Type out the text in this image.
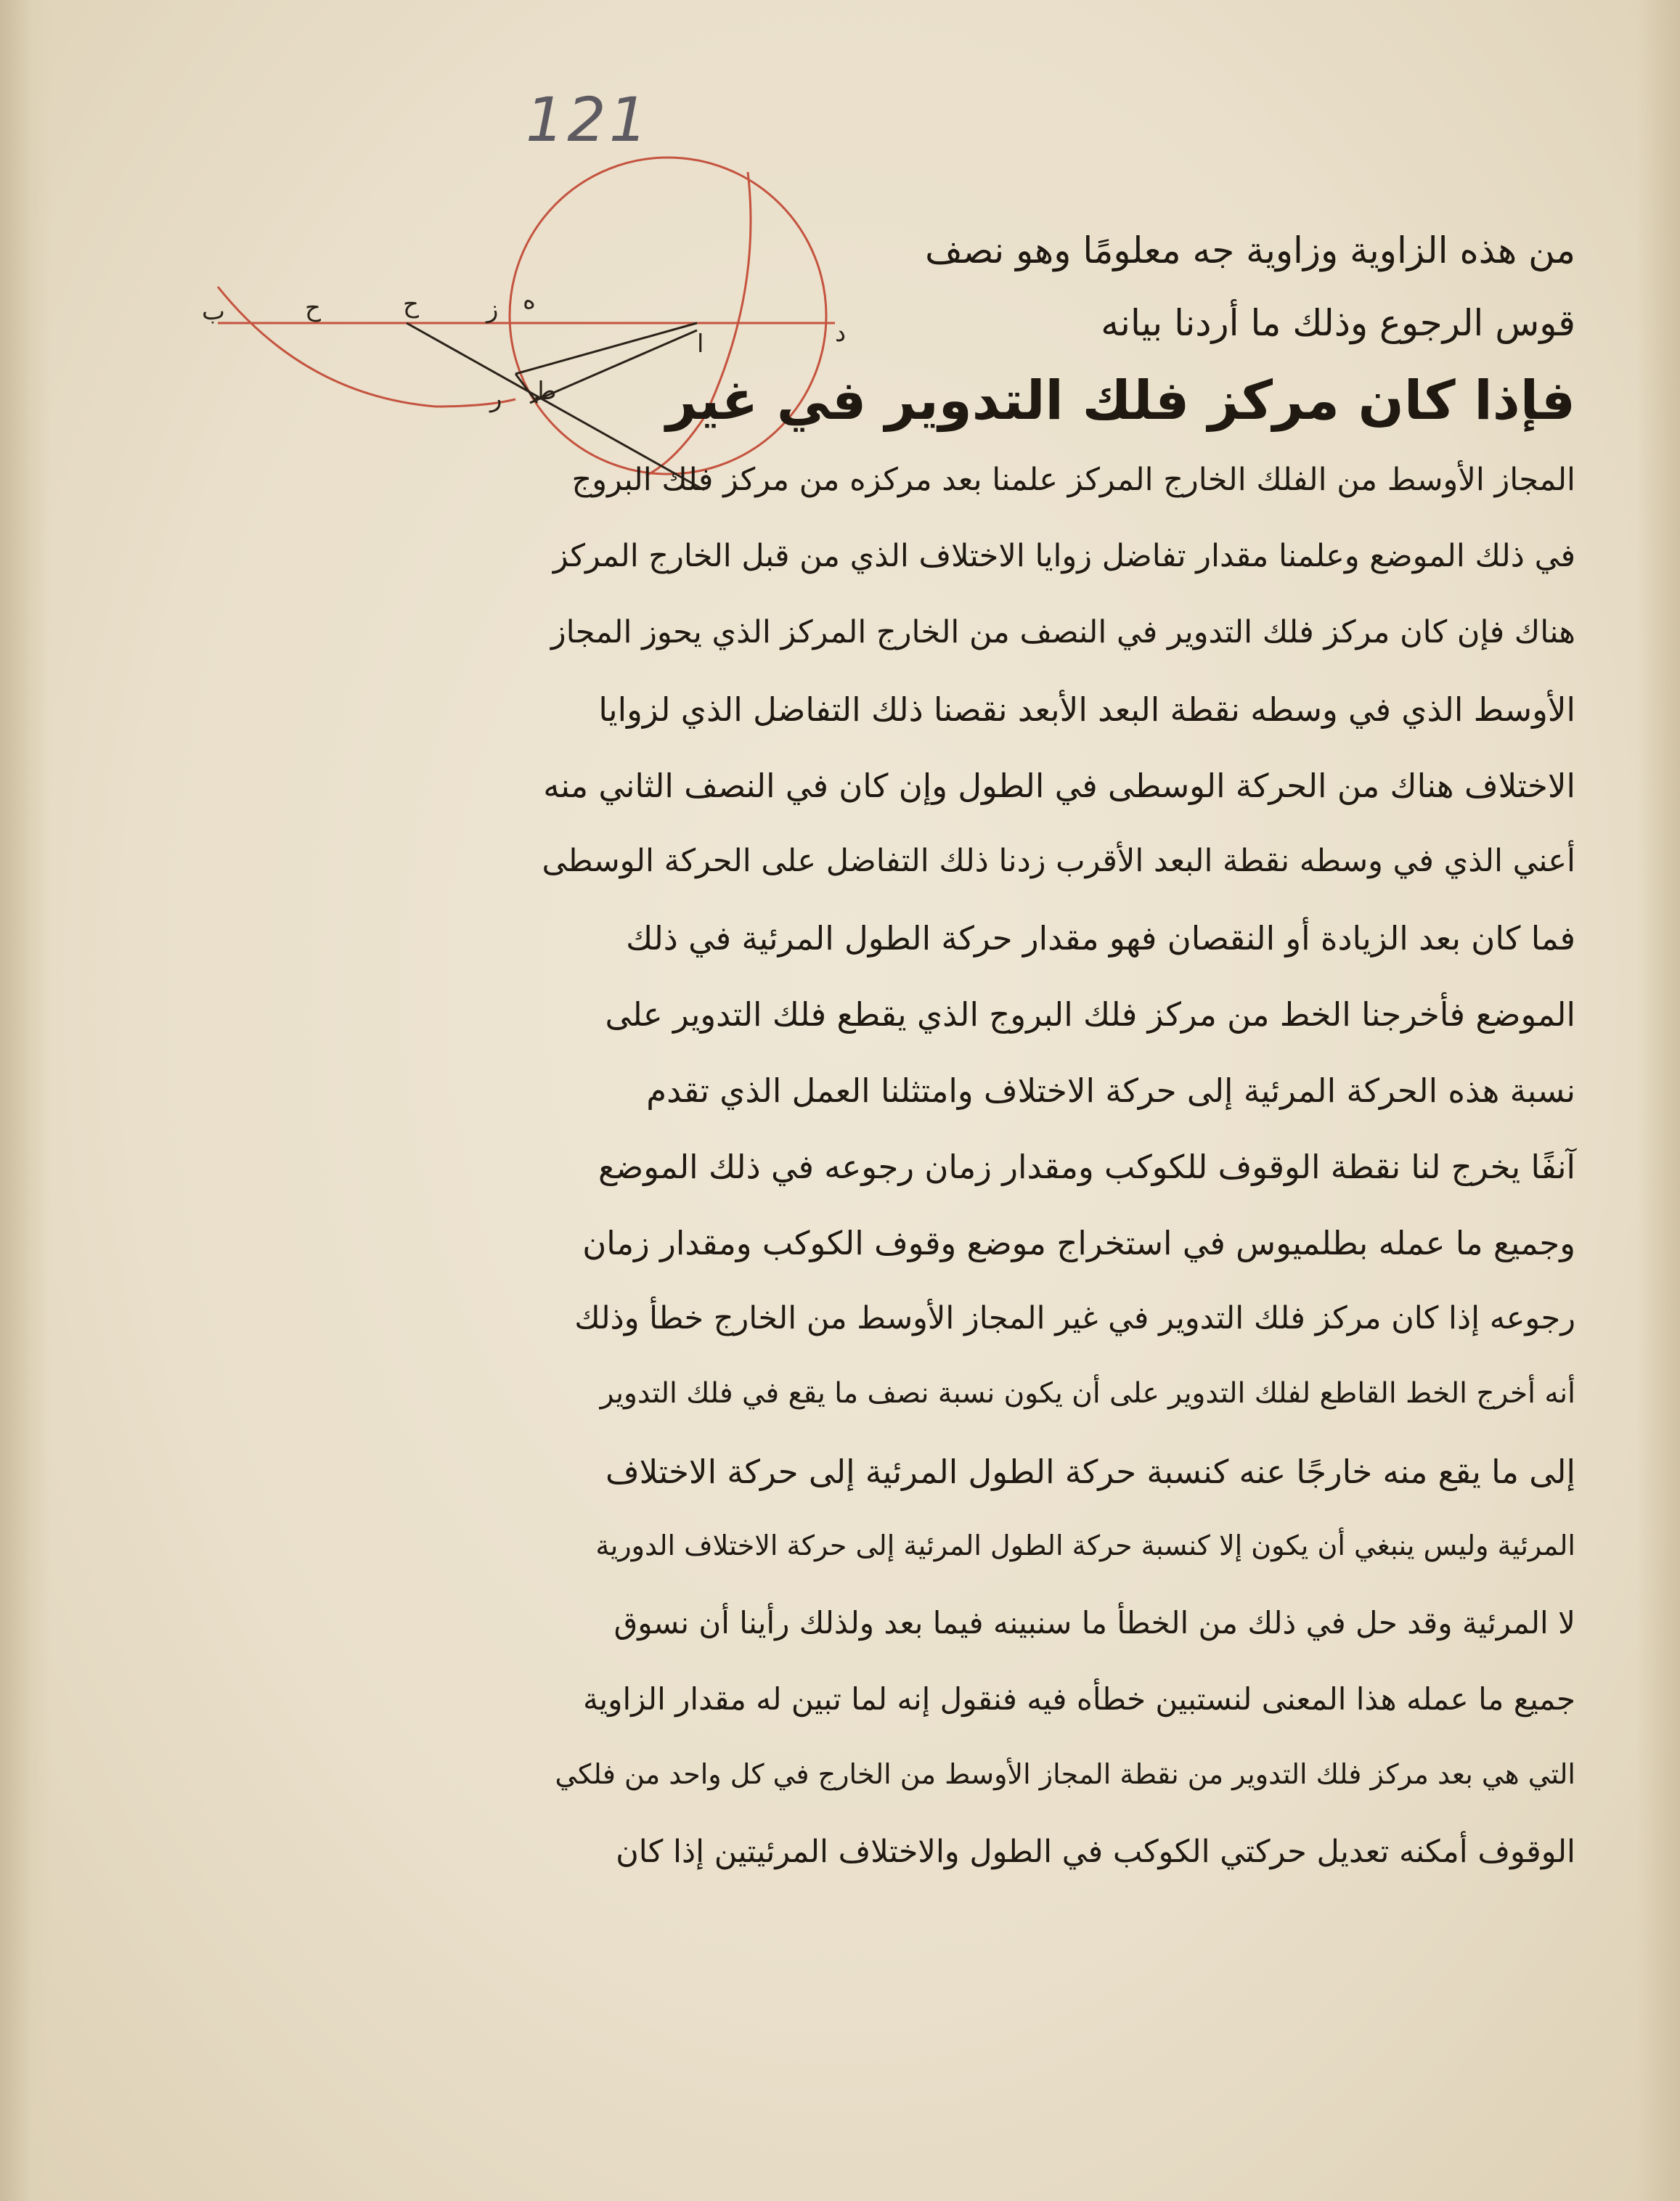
121
ب	ح	ح	ز ه
ط
ر
ا	د
من هذه الزاوية وزاوية جه معلومًا وهو نصف
قوس الرجوع وذلك ما أردنا بيانه
فإذا كان مركز فلك التدوير في غير
المجاز الأوسط من الفلك الخارج المركز علمنا بعد مركزه من مركز فلك البروج
في ذلك الموضع وعلمنا مقدار تفاضل زوايا الاختلاف الذي من قبل الخارج المركز
هناك فإن كان مركز فلك التدوير في النصف من الخارج المركز الذي يحوز المجاز
الأوسط الذي في وسطه نقطة البعد الأبعد نقصنا ذلك التفاضل الذي لزوايا
الاختلاف هناك من الحركة الوسطى في الطول وإن كان في النصف الثاني منه
أعني الذي في وسطه نقطة البعد الأقرب زدنا ذلك التفاضل على الحركة الوسطى
فما كان بعد الزيادة أو النقصان فهو مقدار حركة الطول المرئية في ذلك
الموضع فأخرجنا الخط من مركز فلك البروج الذي يقطع فلك التدوير على
نسبة هذه الحركة المرئية إلى حركة الاختلاف وامتثلنا العمل الذي تقدم
آنفًا يخرج لنا نقطة الوقوف للكوكب ومقدار زمان رجوعه في ذلك الموضع
وجميع ما عمله بطلميوس في استخراج موضع وقوف الكوكب ومقدار زمان
رجوعه إذا كان مركز فلك التدوير في غير المجاز الأوسط من الخارج خطأ وذلك
أنه أخرج الخط القاطع لفلك التدوير على أن يكون نسبة نصف ما يقع في فلك التدوير
إلى ما يقع منه خارجًا عنه كنسبة حركة الطول المرئية إلى حركة الاختلاف
المرئية وليس ينبغي أن يكون إلا كنسبة حركة الطول المرئية إلى حركة الاختلاف الدورية
لا المرئية وقد حل في ذلك من الخطأ ما سنبينه فيما بعد ولذلك رأينا أن نسوق
جميع ما عمله هذا المعنى لنستبين خطأه فيه فنقول إنه لما تبين له مقدار الزاوية
التي هي بعد مركز فلك التدوير من نقطة المجاز الأوسط من الخارج في كل واحد من فلكي
الوقوف أمكنه تعديل حركتي الكوكب في الطول والاختلاف المرئيتين إذا كان
